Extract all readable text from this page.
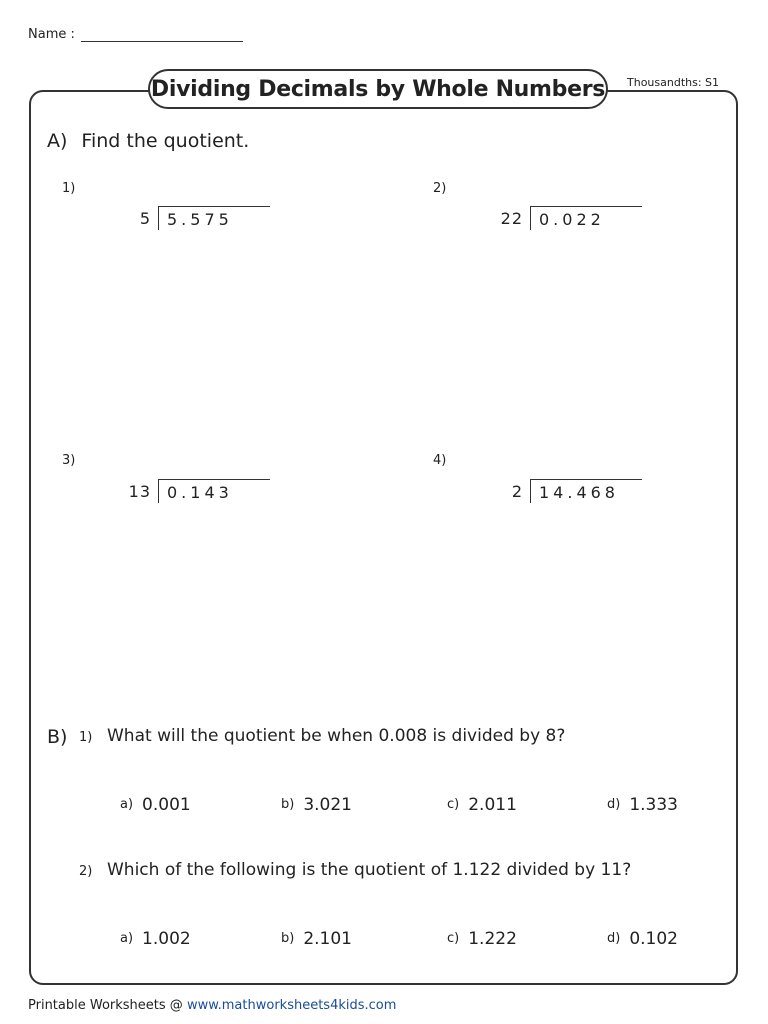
Name :
Dividing Decimals by Whole Numbers Thousandths: S1
A) Find the quotient.
1)
5	5.575
2)
22	0.022
3)
13	0.143
4)
2	14.468
B) 1) What will the quotient be when 0.008 is divided by 8?
a) 0.001	b) 3.021	c) 2.011	d) 1.333
2) Which of the following is the quotient of 1.122 divided by 11?
a) 1.002	b) 2.101	c) 1.222	d) 0.102
Printable Worksheets @ www.mathworksheets4kids.com
